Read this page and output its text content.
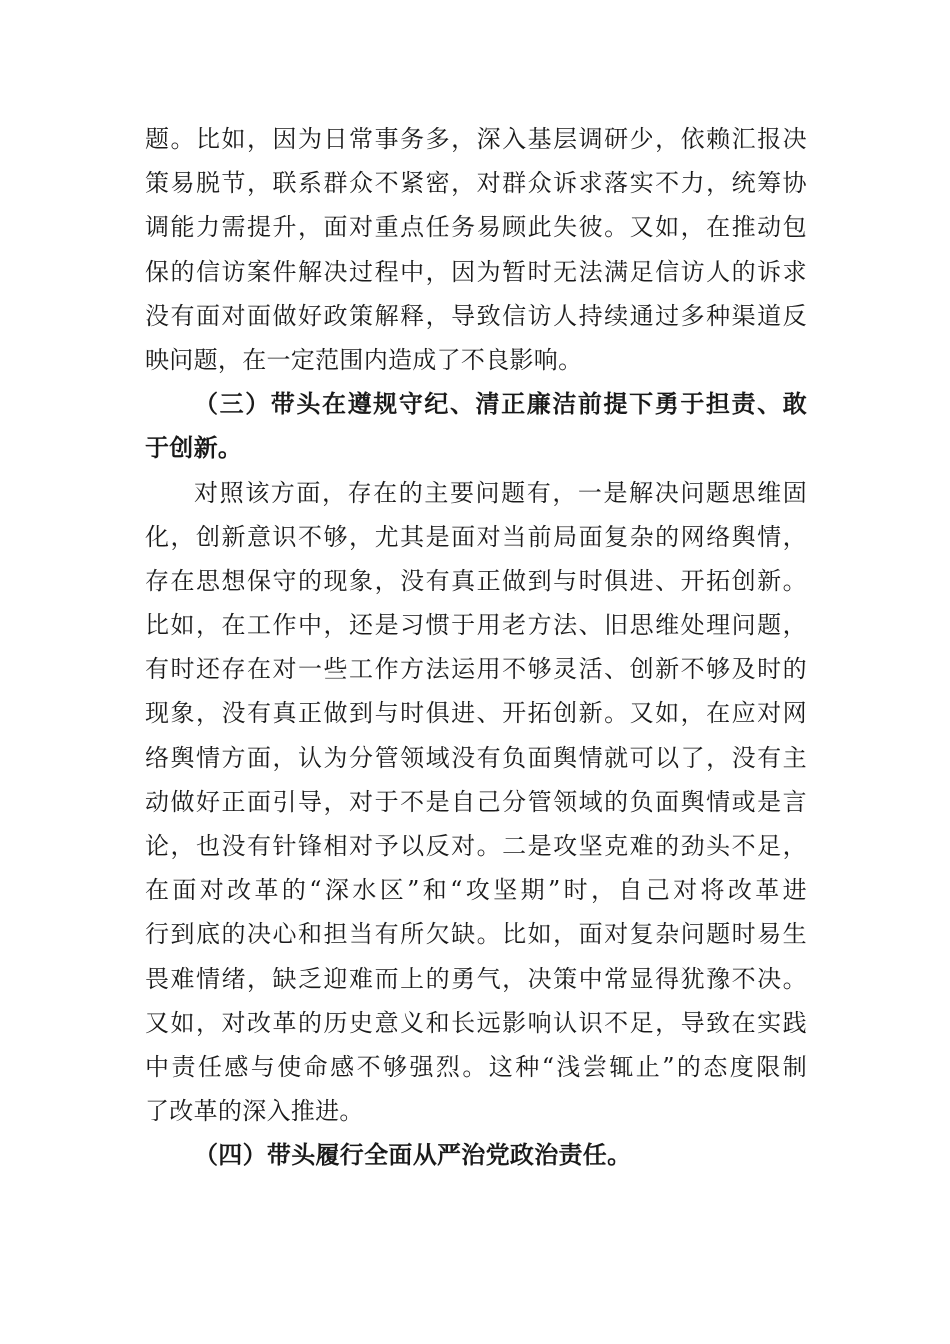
题。比如，因为日常事务多，深入基层调研少，依赖汇报决
策易脱节，联系群众不紧密，对群众诉求落实不力，统筹协
调能力需提升，面对重点任务易顾此失彼。又如，在推动包
保的信访案件解决过程中，因为暂时无法满足信访人的诉求
没有面对面做好政策解释，导致信访人持续通过多种渠道反
映问题，在一定范围内造成了不良影响。
（三）带头在遵规守纪、清正廉洁前提下勇于担责、敢
于创新。
对照该方面，存在的主要问题有，一是解决问题思维固
化，创新意识不够，尤其是面对当前局面复杂的网络舆情，
存在思想保守的现象，没有真正做到与时俱进、开拓创新。
比如，在工作中，还是习惯于用老方法、旧思维处理问题，
有时还存在对一些工作方法运用不够灵活、创新不够及时的
现象，没有真正做到与时俱进、开拓创新。又如，在应对网
络舆情方面，认为分管领域没有负面舆情就可以了，没有主
动做好正面引导，对于不是自己分管领域的负面舆情或是言
论，也没有针锋相对予以反对。二是攻坚克难的劲头不足，
在面对改革的“深水区”和“攻坚期”时，自己对将改革进
行到底的决心和担当有所欠缺。比如，面对复杂问题时易生
畏难情绪，缺乏迎难而上的勇气，决策中常显得犹豫不决。
又如，对改革的历史意义和长远影响认识不足，导致在实践
中责任感与使命感不够强烈。这种“浅尝辄止”的态度限制
了改革的深入推进。
（四）带头履行全面从严治党政治责任。
